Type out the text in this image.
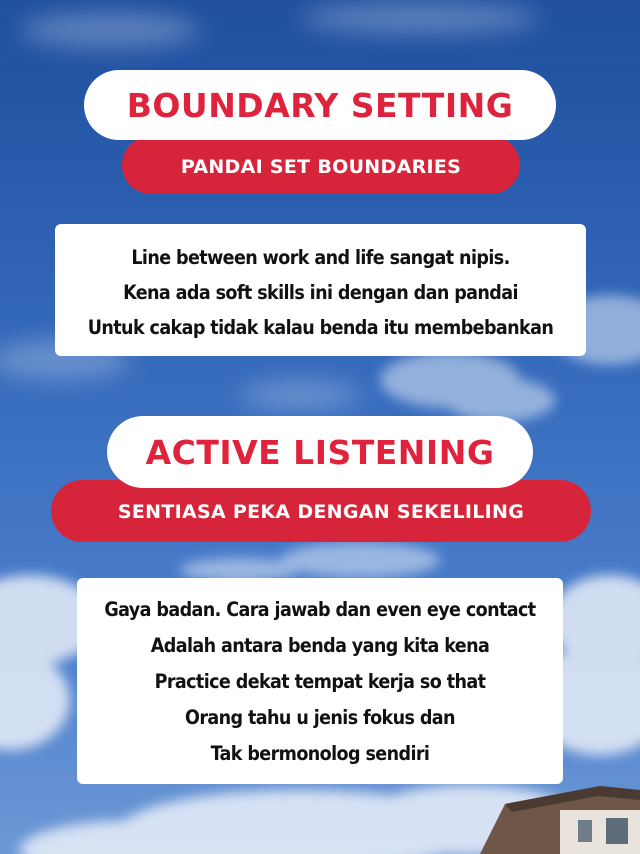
BOUNDARY SETTING
PANDAI SET BOUNDARIES
Line between work and life sangat nipis.
Kena ada soft skills ini dengan dan pandai
Untuk cakap tidak kalau benda itu membebankan
ACTIVE LISTENING
SENTIASA PEKA DENGAN SEKELILING
Gaya badan. Cara jawab dan even eye contact
Adalah antara benda yang kita kena
Practice dekat tempat kerja so that
Orang tahu u jenis fokus dan
Tak bermonolog sendiri
